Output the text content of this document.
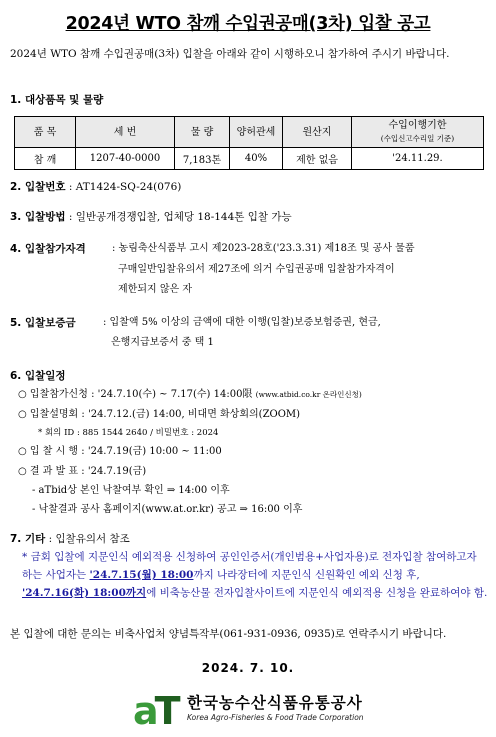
2024년 WTO 참깨 수입권공매(3차) 입찰 공고
2024년 WTO 참깨 수입권공매(3차) 입찰을 아래와 같이 시행하오니 참가하여 주시기 바랍니다.
1. 대상품목 및 물량
품 목	세 번	물 량	양허관세	원산지	수입이행기한
(수입신고수리일 기준)

참 깨	1207-40-0000	7,183톤	40%	제한 없음	'24.11.29.
2. 입찰번호 : AT1424-SQ-24(076)
3. 입찰방법 : 일반공개경쟁입찰, 업체당 18-144톤 입찰 가능
4. 입찰참가자격	: 농림축산식품부 고시 제2023-28호('23.3.31) 제18조 및 공사 물품
구매일반입찰유의서 제27조에 의거 수입권공매 입찰참가자격이
제한되지 않은 자
5. 입찰보증금	: 입찰액 5% 이상의 금액에 대한 이행(입찰)보증보험증권, 현금,
은행지급보증서 중 택 1
6. 입찰일정
○ 입찰참가신청 : '24.7.10(수) ~ 7.17(수) 14:00限 (www.atbid.co.kr 온라인신청)
○ 입찰설명회 : '24.7.12.(금) 14:00, 비대면 화상회의(ZOOM)
* 회의 ID : 885 1544 2640 / 비밀번호 : 2024
○ 입 찰 시 행 : '24.7.19(금) 10:00 ~ 11:00
○ 결 과 발 표 : '24.7.19(금)
- aTbid상 본인 낙찰여부 확인 ⇒ 14:00 이후
- 낙찰결과 공사 홈페이지(www.at.or.kr) 공고 ⇒ 16:00 이후
7. 기타 : 입찰유의서 참조
* 금회 입찰에 지문인식 예외적용 신청하여 공인인증서(개인범용+사업자용)로 전자입찰 참여하고자 하는 사업자는 '24.7.15(월) 18:00까지 나라장터에 지문인식 신원확인 예외 신청 후, '24.7.16(화) 18:00까지에 비축농산물 전자입찰사이트에 지문인식 예외적용 신청을 완료하여야 함.
본 입찰에 대한 문의는 비축사업처 양념특작부(061-931-0936, 0935)로 연락주시기 바랍니다.
2024. 7. 10.
aT 한국농수산식품유통공사
Korea Agro-Fisheries & Food Trade Corporation
